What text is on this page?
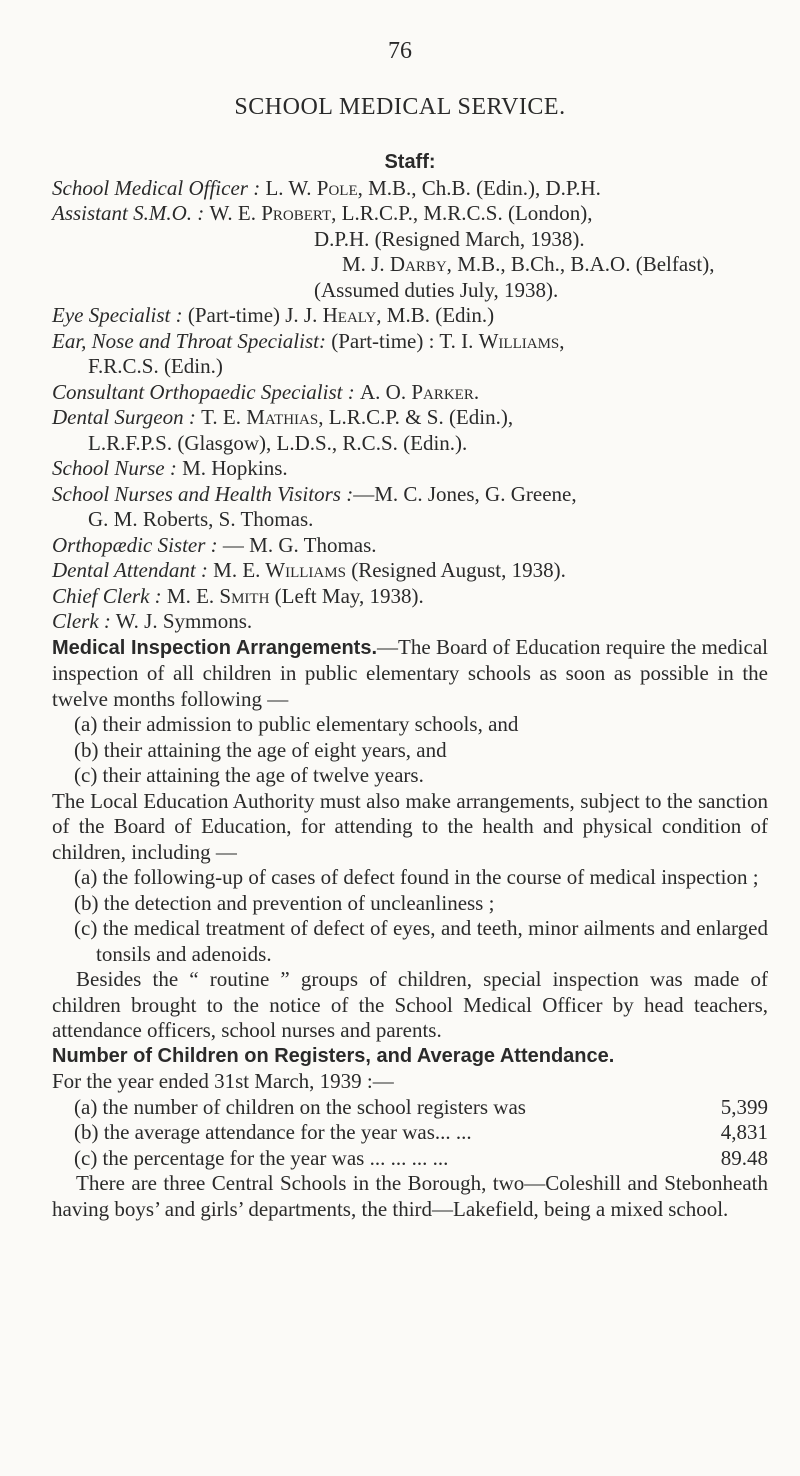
76
SCHOOL MEDICAL SERVICE.
Staff:

School Medical Officer : L. W. Pole, M.B., Ch.B. (Edin.), D.P.H.

Assistant S.M.O. : W. E. Probert, L.R.C.P., M.R.C.S. (London),

D.P.H. (Resigned March, 1938).

M. J. Darby, M.B., B.Ch., B.A.O. (Belfast),

(Assumed duties July, 1938).

Eye Specialist : (Part-time) J. J. Healy, M.B. (Edin.)

Ear, Nose and Throat Specialist: (Part-time) : T. I. Williams,

F.R.C.S. (Edin.)

Consultant Orthopaedic Specialist : A. O. Parker.

Dental Surgeon : T. E. Mathias, L.R.C.P. & S. (Edin.),

L.R.F.P.S. (Glasgow), L.D.S., R.C.S. (Edin.).

School Nurse : M. Hopkins.

School Nurses and Health Visitors :—M. C. Jones, G. Greene,

G. M. Roberts, S. Thomas.

Orthopædic Sister : — M. G. Thomas.

Dental Attendant : M. E. Williams (Resigned August, 1938).

Chief Clerk : M. E. Smith (Left May, 1938).

Clerk : W. J. Symmons.

Medical Inspection Arrangements.—The Board of Education require the medical inspection of all children in public elementary schools as soon as possible in the twelve months following —

(a) their admission to public elementary schools, and

(b) their attaining the age of eight years, and

(c) their attaining the age of twelve years.

The Local Education Authority must also make arrangements, subject to the sanction of the Board of Education, for attending to the health and physical condition of children, including —

(a) the following-up of cases of defect found in the course of medical inspection ;

(b) the detection and prevention of uncleanliness ;

(c) the medical treatment of defect of eyes, and teeth, minor ailments and enlarged tonsils and adenoids.

Besides the “ routine ” groups of children, special inspection was made of children brought to the notice of the School Medical Officer by head teachers, attendance officers, school nurses and parents.

Number of Children on Registers, and Average Attendance.

For the year ended 31st March, 1939 :—

(a) the number of children on the school registers was	5,399
(b) the average attendance for the year was... ...	4,831
(c) the percentage for the year was ... ... ... ...	89.48

There are three Central Schools in the Borough, two—Coleshill and Stebonheath having boys’ and girls’ departments, the third—Lakefield, being a mixed school.
